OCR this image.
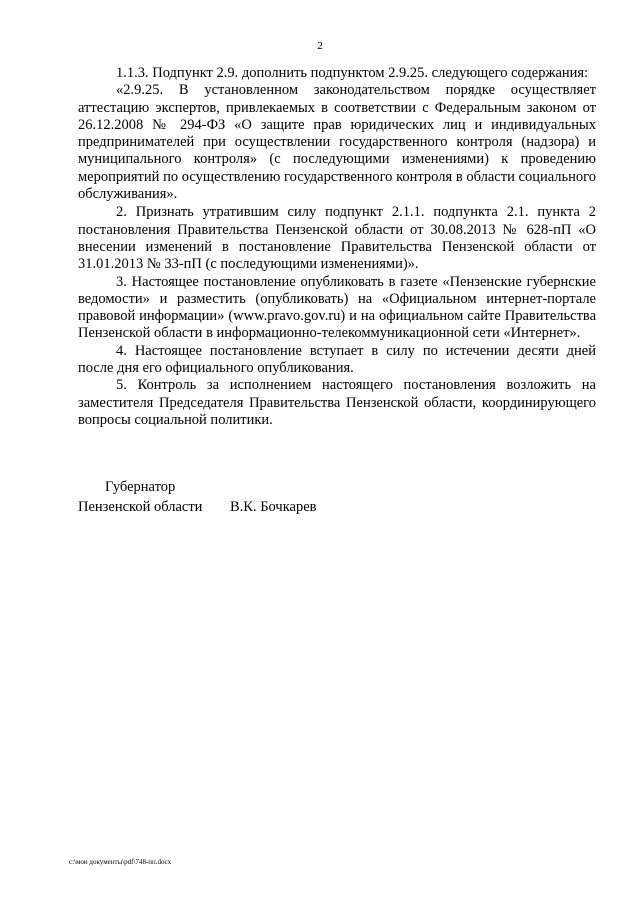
2

1.1.3. Подпункт 2.9. дополнить подпунктом 2.9.25. следующего содержания:

«2.9.25. В установленном законодательством порядке осуществляет аттестацию экспертов, привлекаемых в соответствии с Федеральным законом от 26.12.2008 № 294-ФЗ «О защите прав юридических лиц и индивидуальных предпринимателей при осуществлении государственного контроля (надзора) и муниципального контроля» (с последующими изменениями) к проведению мероприятий по осуществлению государственного контроля в области социального обслуживания».

2. Признать утратившим силу подпункт 2.1.1. подпункта 2.1. пункта 2 постановления Правительства Пензенской области от 30.08.2013 № 628-пП «О внесении изменений в постановление Правительства Пензенской области от 31.01.2013 № 33-пП (с последующими изменениями)».

3. Настоящее постановление опубликовать в газете «Пензенские губернские ведомости» и разместить (опубликовать) на «Официальном интернет-портале правовой информации» (www.pravo.gov.ru) и на официальном сайте Правительства Пензенской области в информационно-телекоммуникационной сети «Интернет».

4. Настоящее постановление вступает в силу по истечении десяти дней после дня его официального опубликования.

5. Контроль за исполнением настоящего постановления возложить на заместителя Председателя Правительства Пензенской области, координирующего вопросы социальной политики.

Губернатор
Пензенской области В.К. Бочкарев
c:\мои документы\pdf\748-пп.docx
